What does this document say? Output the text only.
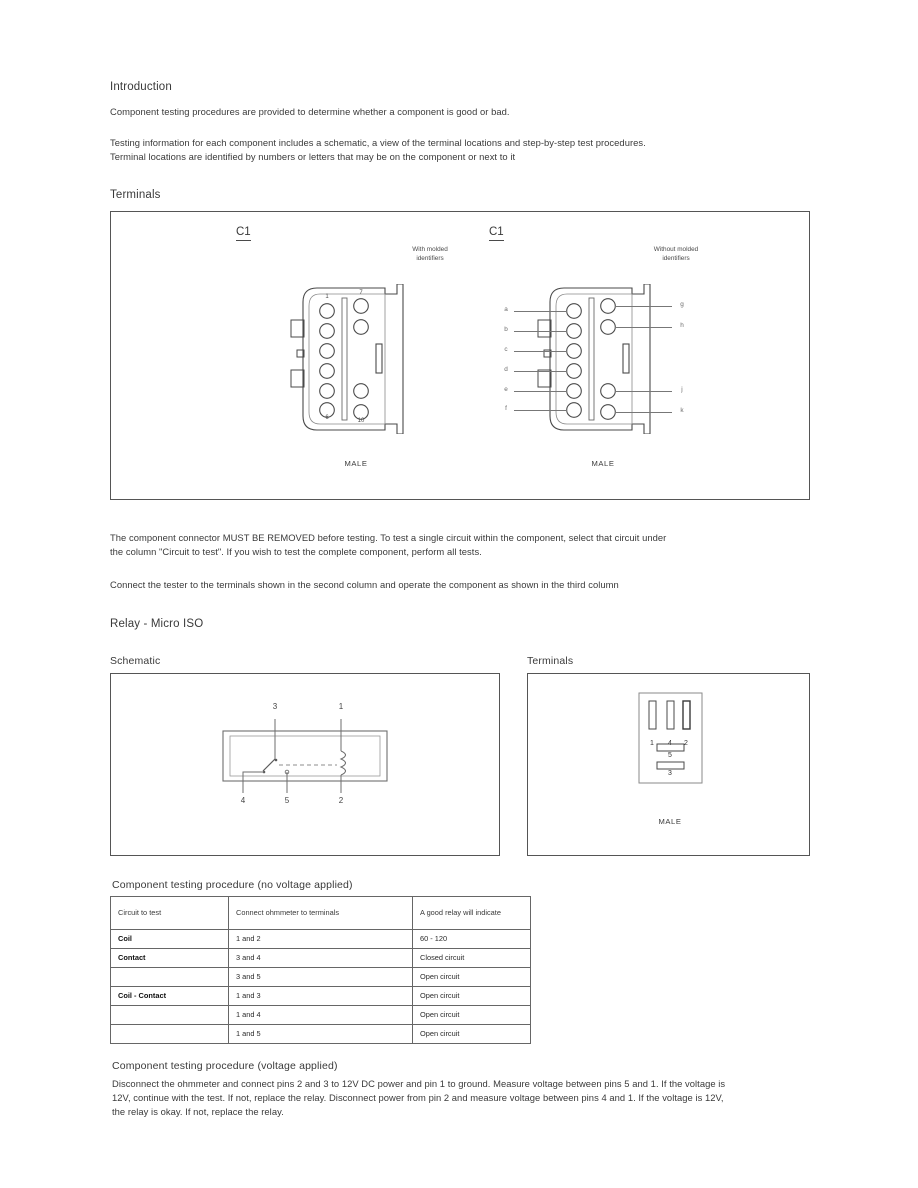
Introduction
Component testing procedures are provided to determine whether a component is good or bad.
Testing information for each component includes a schematic, a view of the terminal locations and step-by-step test procedures.
Terminal locations are identified by numbers or letters that may be on the component or next to it
Terminals
C1
With molded
identifiers
1
6
7
10
MALE
C1
Without molded
identifiers
a
b
c
d
e
f
g
h
j
k
MALE
The component connector MUST BE REMOVED before testing. To test a single circuit within the component, select that circuit under
the column "Circuit to test". If you wish to test the complete component, perform all tests.
Connect the tester to the terminals shown in the second column and operate the component as shown in the third column
Relay - Micro ISO
Schematic
3	1
4	5	2
Terminals
1	4	2
5
3
MALE
Component testing procedure (no voltage applied)
Circuit to test	Connect ohmmeter to terminals	A good relay will indicate
Coil	1 and 2	60 - 120
Contact	3 and 4	Closed circuit
	3 and 5	Open circuit
Coil - Contact	1 and 3	Open circuit
	1 and 4	Open circuit
	1 and 5	Open circuit
Component testing procedure (voltage applied)
Disconnect the ohmmeter and connect pins 2 and 3 to 12V DC power and pin 1 to ground. Measure voltage between pins 5 and 1. If the voltage is
12V, continue with the test. If not, replace the relay. Disconnect power from pin 2 and measure voltage between pins 4 and 1. If the voltage is 12V,
the relay is okay. If not, replace the relay.
